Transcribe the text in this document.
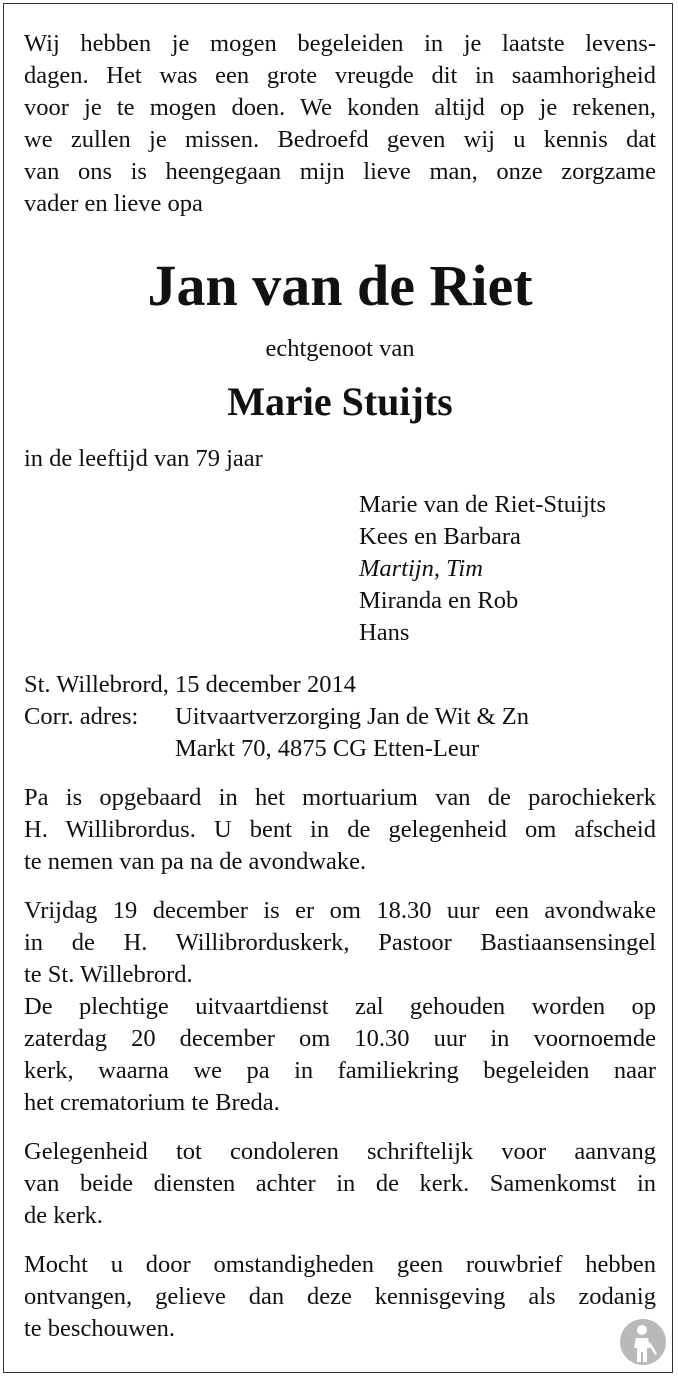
Wij hebben je mogen begeleiden in je laatste levens-
dagen. Het was een grote vreugde dit in saamhorigheid
voor je te mogen doen. We konden altijd op je rekenen,
we zullen je missen. Bedroefd geven wij u kennis dat
van ons is heengegaan mijn lieve man, onze zorgzame
vader en lieve opa

Jan van de Riet

echtgenoot van

Marie Stuijts

in de leeftijd van 79 jaar

Marie van de Riet-Stuijts
Kees en Barbara
Martijn, Tim
Miranda en Rob
Hans

St. Willebrord, 15 december 2014

Corr. adres:	Uitvaartverzorging Jan de Wit & Zn
Markt 70, 4875 CG Etten-Leur

Pa is opgebaard in het mortuarium van de parochiekerk
H. Willibrordus. U bent in de gelegenheid om afscheid
te nemen van pa na de avondwake.

Vrijdag 19 december is er om 18.30 uur een avondwake
in de H. Willibrorduskerk, Pastoor Bastiaansensingel
te St. Willebrord.
De plechtige uitvaartdienst zal gehouden worden op
zaterdag 20 december om 10.30 uur in voornoemde
kerk, waarna we pa in familiekring begeleiden naar
het crematorium te Breda.

Gelegenheid tot condoleren schriftelijk voor aanvang
van beide diensten achter in de kerk. Samenkomst in
de kerk.

Mocht u door omstandigheden geen rouwbrief hebben
ontvangen, gelieve dan deze kennisgeving als zodanig
te beschouwen.
